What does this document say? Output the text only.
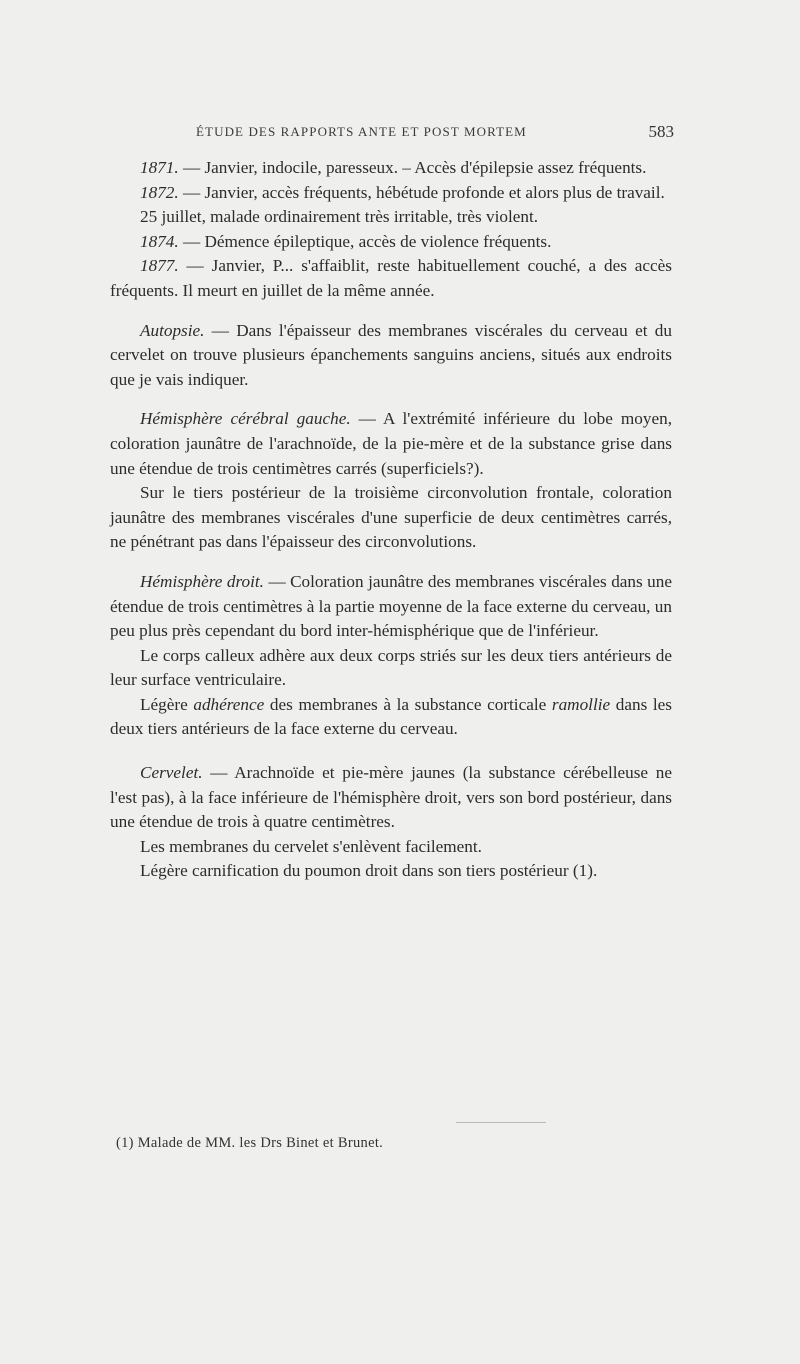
ÉTUDE DES RAPPORTS ANTE ET POST MORTEM	583

1871. — Janvier, indocile, paresseux. – Accès d'épilepsie assez fréquents.

1872. — Janvier, accès fréquents, hébétude profonde et alors plus de travail.

25 juillet, malade ordinairement très irritable, très violent.

1874. — Démence épileptique, accès de violence fréquents.

1877. — Janvier, P... s'affaiblit, reste habituellement couché, a des accès fréquents. Il meurt en juillet de la même année.

Autopsie. — Dans l'épaisseur des membranes viscérales du cerveau et du cervelet on trouve plusieurs épanchements sanguins anciens, situés aux endroits que je vais indiquer.

Hémisphère cérébral gauche. — A l'extrémité inférieure du lobe moyen, coloration jaunâtre de l'arachnoïde, de la pie-mère et de la substance grise dans une étendue de trois centimètres carrés (superficiels?).

Sur le tiers postérieur de la troisième circonvolution frontale, coloration jaunâtre des membranes viscérales d'une superficie de deux centimètres carrés, ne pénétrant pas dans l'épaisseur des circonvolutions.

Hémisphère droit. — Coloration jaunâtre des membranes viscérales dans une étendue de trois centimètres à la partie moyenne de la face externe du cerveau, un peu plus près cependant du bord inter-hémisphérique que de l'inférieur.

Le corps calleux adhère aux deux corps striés sur les deux tiers antérieurs de leur surface ventriculaire.

Légère adhérence des membranes à la substance corticale ramollie dans les deux tiers antérieurs de la face externe du cerveau.

Cervelet. — Arachnoïde et pie-mère jaunes (la substance cérébelleuse ne l'est pas), à la face inférieure de l'hémisphère droit, vers son bord postérieur, dans une étendue de trois à quatre centimètres.

Les membranes du cervelet s'enlèvent facilement.

Légère carnification du poumon droit dans son tiers postérieur (1).

(1) Malade de MM. les Drs Binet et Brunet.
